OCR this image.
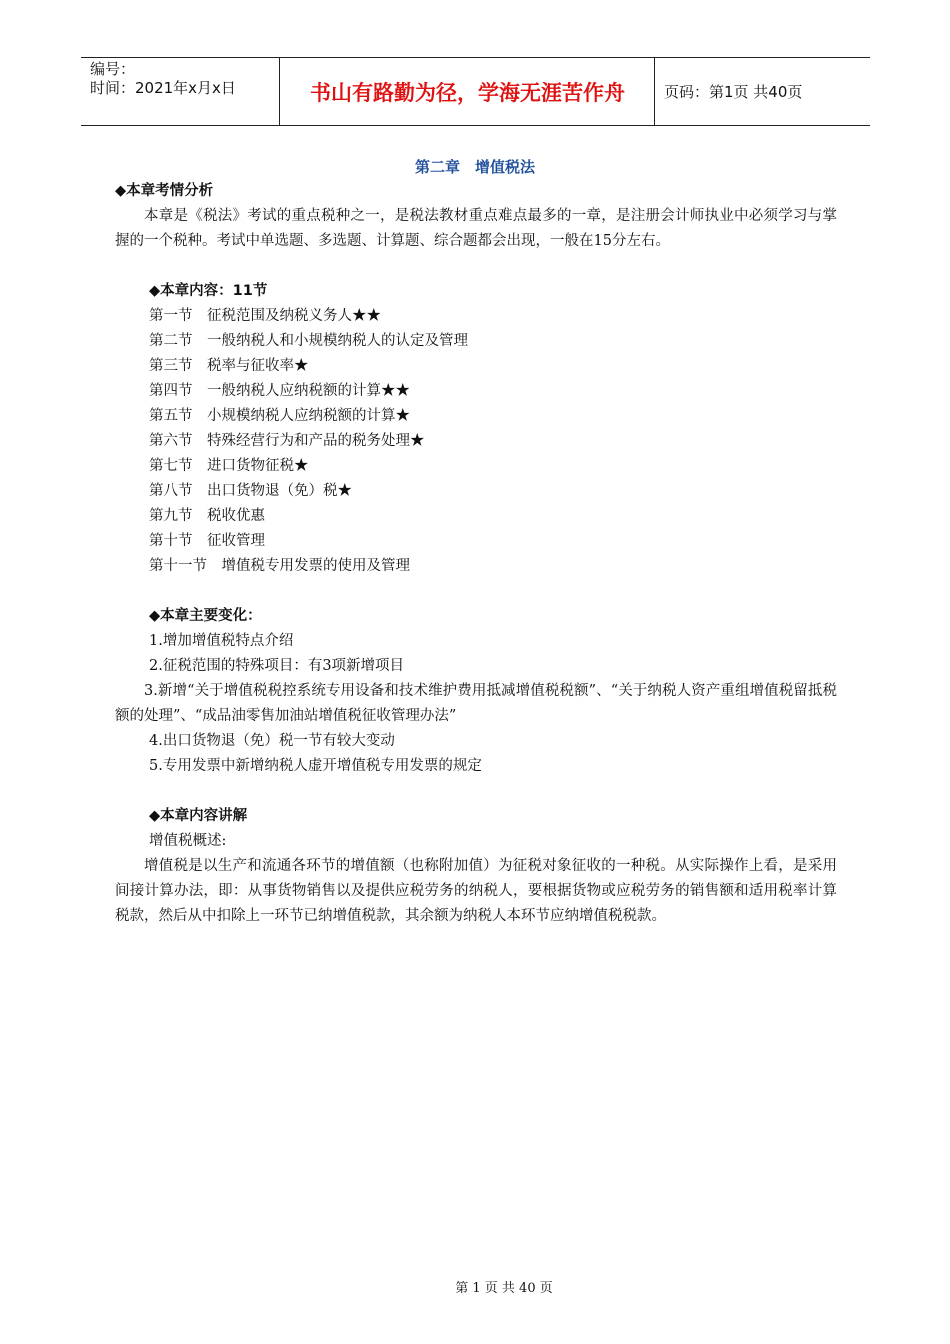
编号：
时间：2021年x月x日	书山有路勤为径，学海无涯苦作舟	页码：第1页 共40页
第二章　增值税法
◆本章考情分析

本章是《税法》考试的重点税种之一，是税法教材重点难点最多的一章，是注册会计师执业中必须学习与掌握的一个税种。考试中单选题、多选题、计算题、综合题都会出现，一般在15分左右。

◆本章内容：11节
第一节　征税范围及纳税义务人★★
第二节　一般纳税人和小规模纳税人的认定及管理
第三节　税率与征收率★
第四节　一般纳税人应纳税额的计算★★
第五节　小规模纳税人应纳税额的计算★
第六节　特殊经营行为和产品的税务处理★
第七节　进口货物征税★
第八节　出口货物退（免）税★
第九节　税收优惠
第十节　征收管理
第十一节　增值税专用发票的使用及管理
◆本章主要变化：
1.增加增值税特点介绍
2.征税范围的特殊项目：有3项新增项目

3.新增“关于增值税税控系统专用设备和技术维护费用抵减增值税税额”、“关于纳税人资产重组增值税留抵税额的处理”、“成品油零售加油站增值税征收管理办法”

4.出口货物退（免）税一节有较大变动
5.专用发票中新增纳税人虚开增值税专用发票的规定
◆本章内容讲解
增值税概述:

增值税是以生产和流通各环节的增值额（也称附加值）为征税对象征收的一种税。从实际操作上看，是采用间接计算办法，即：从事货物销售以及提供应税劳务的纳税人，要根据货物或应税劳务的销售额和适用税率计算税款，然后从中扣除上一环节已纳增值税款，其余额为纳税人本环节应纳增值税税款。

第 1 页 共 40 页
